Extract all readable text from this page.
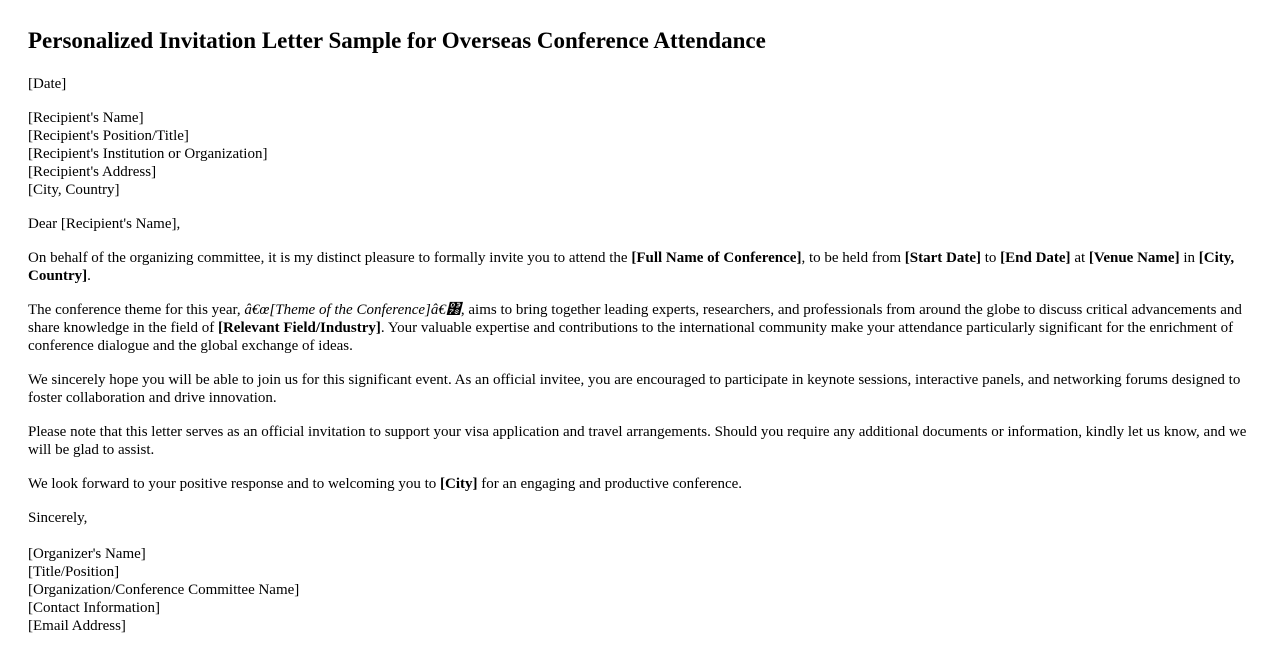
Personalized Invitation Letter Sample for Overseas Conference Attendance

[Date]

[Recipient's Name]
[Recipient's Position/Title]
[Recipient's Institution or Organization]
[Recipient's Address]
[City, Country]

Dear [Recipient's Name],

On behalf of the organizing committee, it is my distinct pleasure to formally invite you to attend the [Full Name of Conference], to be held from [Start Date] to [End Date] at [Venue Name] in [City, Country].

The conference theme for this year, â€œ[Theme of the Conference]â€͸, aims to bring together leading experts, researchers, and professionals from around the globe to discuss critical advancements and share knowledge in the field of [Relevant Field/Industry]. Your valuable expertise and contributions to the international community make your attendance particularly significant for the enrichment of conference dialogue and the global exchange of ideas.

We sincerely hope you will be able to join us for this significant event. As an official invitee, you are encouraged to participate in keynote sessions, interactive panels, and networking forums designed to foster collaboration and drive innovation.

Please note that this letter serves as an official invitation to support your visa application and travel arrangements. Should you require any additional documents or information, kindly let us know, and we will be glad to assist.

We look forward to your positive response and to welcoming you to [City] for an engaging and productive conference.

Sincerely,

[Organizer's Name]
[Title/Position]
[Organization/Conference Committee Name]
[Contact Information]
[Email Address]
